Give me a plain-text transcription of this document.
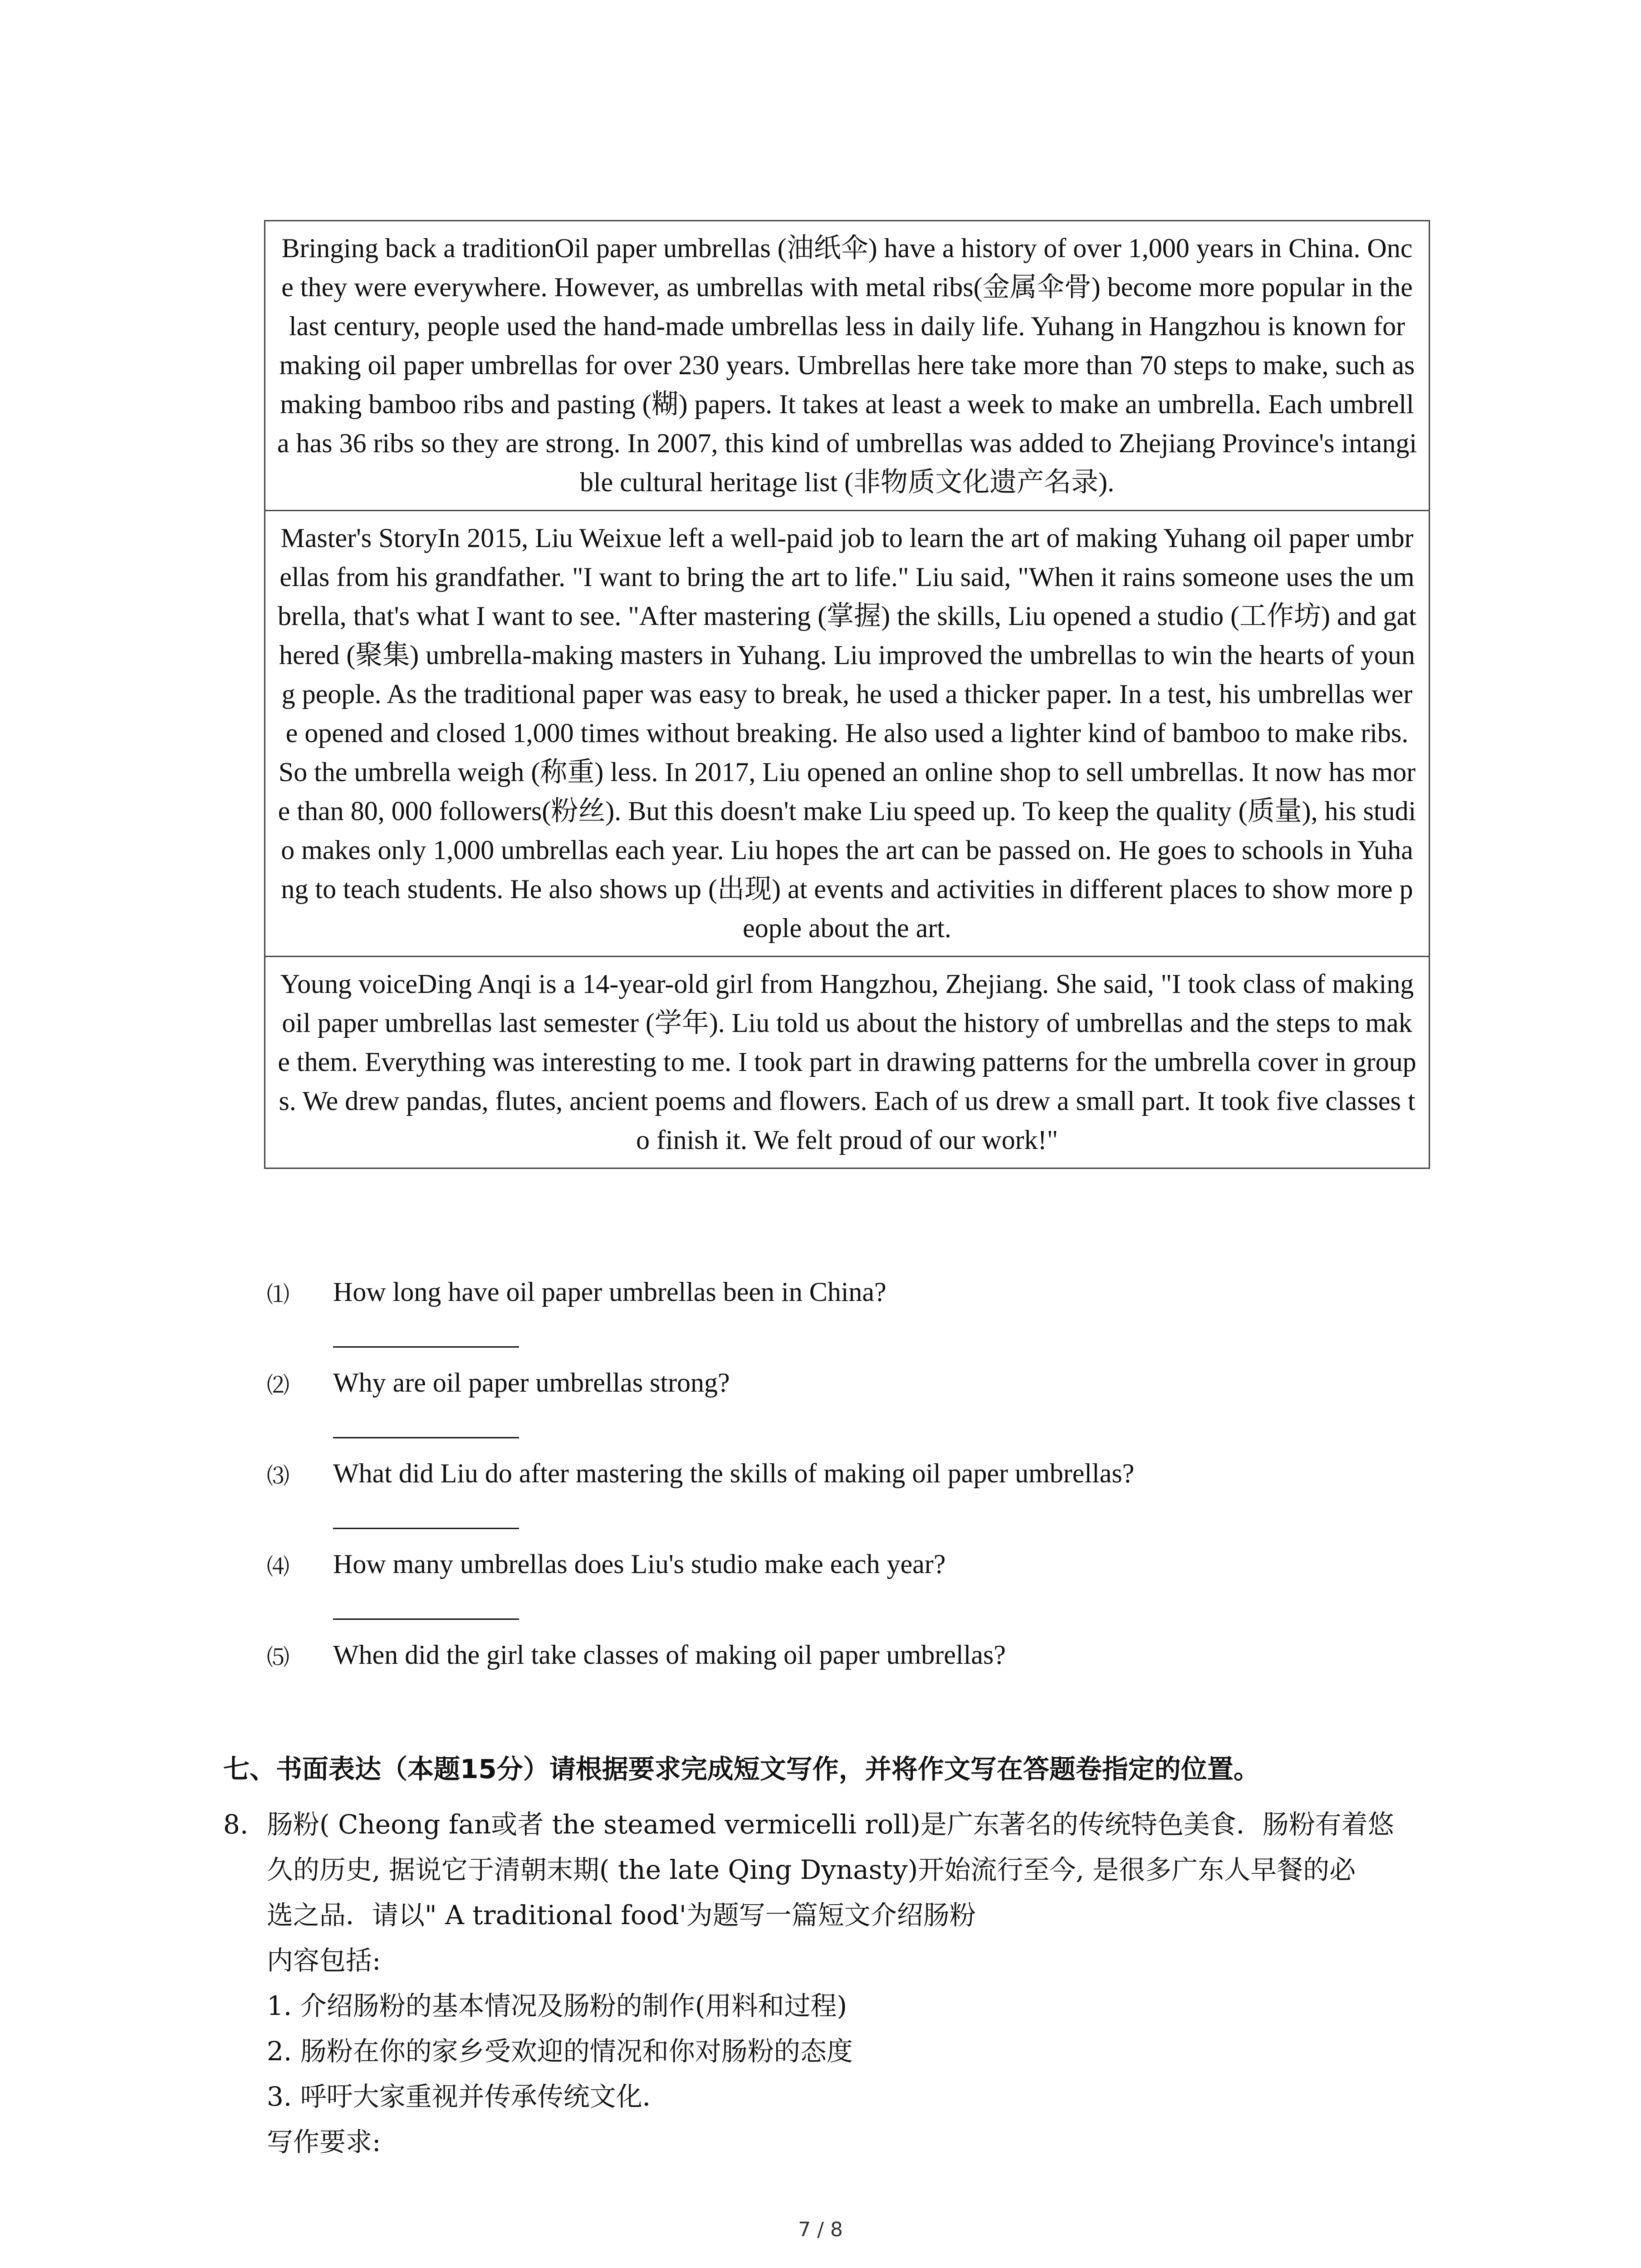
Bringing back a traditionOil paper umbrellas (油纸伞) have a history of over 1,000 years in China. Once they were everywhere. However, as umbrellas with metal ribs(金属伞骨) become more popular in the last century, people used the hand-made umbrellas less in daily life. Yuhang in Hangzhou is known for making oil paper umbrellas for over 230 years. Umbrellas here take more than 70 steps to make, such as making bamboo ribs and pasting (糊) papers. It takes at least a week to make an umbrella. Each umbrella has 36 ribs so they are strong. In 2007, this kind of umbrellas was added to Zhejiang Province's intangible cultural heritage list (非物质文化遗产名录).
Master's StoryIn 2015, Liu Weixue left a well-paid job to learn the art of making Yuhang oil paper umbrellas from his grandfather. "I want to bring the art to life." Liu said, "When it rains someone uses the umbrella, that's what I want to see. "After mastering (掌握) the skills, Liu opened a studio (工作坊) and gathered (聚集) umbrella-making masters in Yuhang. Liu improved the umbrellas to win the hearts of young people. As the traditional paper was easy to break, he used a thicker paper. In a test, his umbrellas were opened and closed 1,000 times without breaking. He also used a lighter kind of bamboo to make ribs. So the umbrella weigh (称重) less. In 2017, Liu opened an online shop to sell umbrellas. It now has more than 80, 000 followers(粉丝). But this doesn't make Liu speed up. To keep the quality (质量), his studio makes only 1,000 umbrellas each year. Liu hopes the art can be passed on. He goes to schools in Yuhang to teach students. He also shows up (出现) at events and activities in different places to show more people about the art.
Young voiceDing Anqi is a 14-year-old girl from Hangzhou, Zhejiang. She said, "I took class of making oil paper umbrellas last semester (学年). Liu told us about the history of umbrellas and the steps to make them. Everything was interesting to me. I took part in drawing patterns for the umbrella cover in groups. We drew pandas, flutes, ancient poems and flowers. Each of us drew a small part. It took five classes to finish it. We felt proud of our work!"
⑴ How long have oil paper umbrellas been in China?
⑵ Why are oil paper umbrellas strong?
⑶ What did Liu do after mastering the skills of making oil paper umbrellas?
⑷ How many umbrellas does Liu's studio make each year?
⑸ When did the girl take classes of making oil paper umbrellas?
七、书面表达（本题15分）请根据要求完成短文写作，并将作文写在答题卷指定的位置。
8. 肠粉( Cheong fan或者 the steamed vermicelli roll)是广东著名的传统特色美食．肠粉有着悠
久的历史, 据说它于清朝末期( the late Qing Dynasty)开始流行至今, 是很多广东人早餐的必
选之品．请以" A traditional food'为题写一篇短文介绍肠粉
内容包括:
1. 介绍肠粉的基本情况及肠粉的制作(用料和过程)
2. 肠粉在你的家乡受欢迎的情况和你对肠粉的态度
3. 呼吁大家重视并传承传统文化．
写作要求:
7 / 8
